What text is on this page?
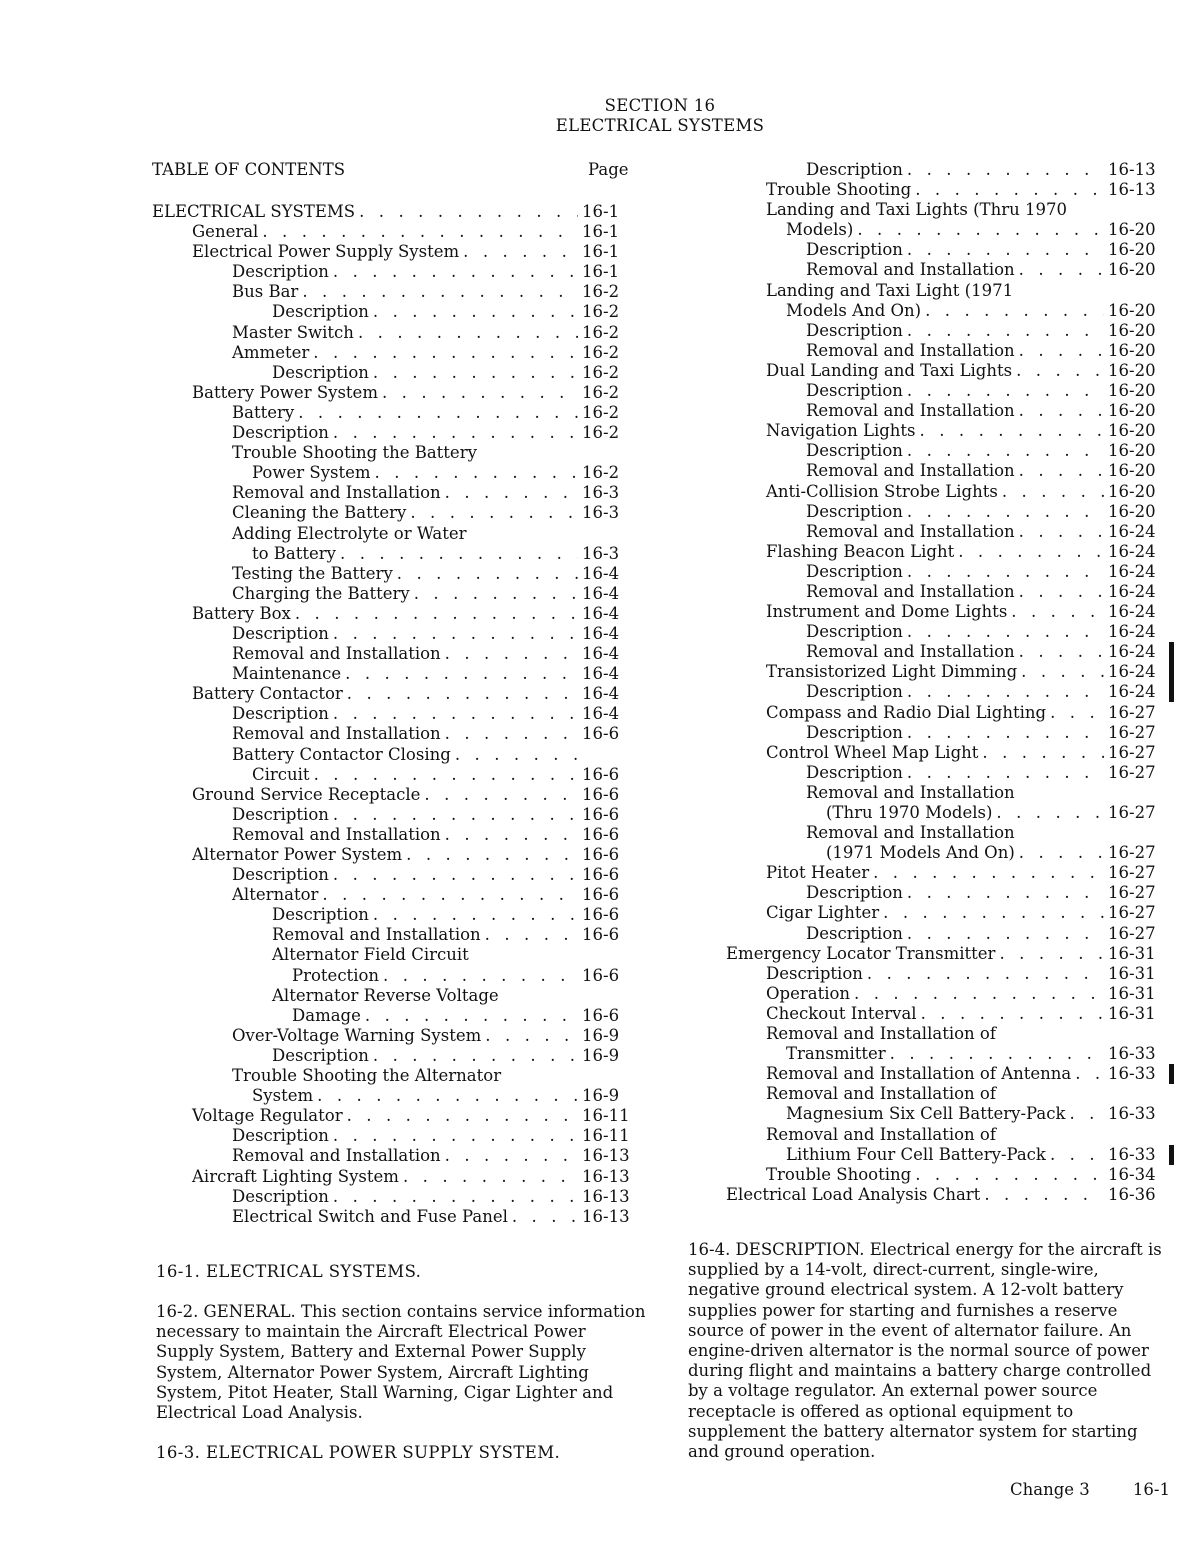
SECTION 16
ELECTRICAL SYSTEMS
TABLE OF CONTENTS	Page
ELECTRICAL SYSTEMS . . .	16-1
General . . .	16-1
Electrical Power Supply System . . .	16-1
Description . . .	16-1
Bus Bar . . .	16-2
Description . . .	16-2
Master Switch . . .	16-2
Ammeter . . .	16-2
Description . . .	16-2
Battery Power System . . .	16-2
Battery . . .	16-2
Description . . .	16-2
Trouble Shooting the Battery
Power System . . .	16-2
Removal and Installation . . .	16-3
Cleaning the Battery . . .	16-3
Adding Electrolyte or Water
to Battery . . .	16-3
Testing the Battery . . .	16-4
Charging the Battery . . .	16-4
Battery Box . . .	16-4
Description . . .	16-4
Removal and Installation . . .	16-4
Maintenance . . .	16-4
Battery Contactor . . .	16-4
Description . . .	16-4
Removal and Installation . . .	16-6
Battery Contactor Closing
. . .
Circuit . . .	16-6
Ground Service Receptacle . . .	16-6
Description . . .	16-6
Removal and Installation . . .	16-6
Alternator Power System . . .	16-6
Description . . .	16-6
Alternator . . .	16-6
Description . . .	16-6
Removal and Installation . . .	16-6
Alternator Field Circuit
Protection . . .	16-6
Alternator Reverse Voltage
Damage . . .	16-6
Over-Voltage Warning System . . .	16-9
Description . . .	16-9
Trouble Shooting the Alternator
System . . .	16-9
Voltage Regulator . . .	16-11
Description . . .	16-11
Removal and Installation . . .	16-13
Aircraft Lighting System . . .	16-13
Description . . .	16-13
Electrical Switch and Fuse Panel . . .	16-13
Description . . .	16-13
Trouble Shooting . . .	16-13
Landing and Taxi Lights (Thru 1970
Models) . . .	16-20
Description . . .	16-20
Removal and Installation . . .	16-20
Landing and Taxi Light (1971
Models And On) . . .	16-20
Description . . .	16-20
Removal and Installation . . .	16-20
Dual Landing and Taxi Lights . . .	16-20
Description . . .	16-20
Removal and Installation . . .	16-20
Navigation Lights . . .	16-20
Description . . .	16-20
Removal and Installation . . .	16-20
Anti-Collision Strobe Lights . . .	16-20
Description . . .	16-20
Removal and Installation . . .	16-24
Flashing Beacon Light . . .	16-24
Description . . .	16-24
Removal and Installation . . .	16-24
Instrument and Dome Lights . . .	16-24
Description . . .	16-24
Removal and Installation . . .	16-24
Transistorized Light Dimming . . .	16-24
Description . . .	16-24
Compass and Radio Dial Lighting . . .	16-27
Description . . .	16-27
Control Wheel Map Light . . .	16-27
Description . . .	16-27
Removal and Installation
(Thru 1970 Models) . . .	16-27
Removal and Installation
(1971 Models And On) . . .	16-27
Pitot Heater . . .	16-27
Description . . .	16-27
Cigar Lighter . . .	16-27
Description . . .	16-27
Emergency Locator Transmitter . . .	16-31
Description . . .	16-31
Operation . . .	16-31
Checkout Interval . . .	16-31
Removal and Installation of
Transmitter . . .	16-33
Removal and Installation of Antenna . . . 16-33
Removal and Installation of
Magnesium Six Cell Battery-Pack . . .	16-33
Removal and Installation of
Lithium Four Cell Battery-Pack . . .	16-33
Trouble Shooting . . .	16-34
Electrical Load Analysis Chart . . .	16-36
16-1. ELECTRICAL SYSTEMS.
16-2. GENERAL. This section contains service information necessary to maintain the Aircraft Electrical Power Supply System, Battery and External Power Supply System, Alternator Power System, Aircraft Lighting System, Pitot Heater, Stall Warning, Cigar Lighter and Electrical Load Analysis.
16-3. ELECTRICAL POWER SUPPLY SYSTEM.
16-4. DESCRIPTION. Electrical energy for the aircraft is supplied by a 14-volt, direct-current, single-wire, negative ground electrical system. A 12-volt battery supplies power for starting and furnishes a reserve source of power in the event of alternator failure. An engine-driven alternator is the normal source of power during flight and maintains a battery charge controlled by a voltage regulator. An external power source receptacle is offered as optional equipment to supplement the battery alternator system for starting and ground operation.
Change 3	16-1
